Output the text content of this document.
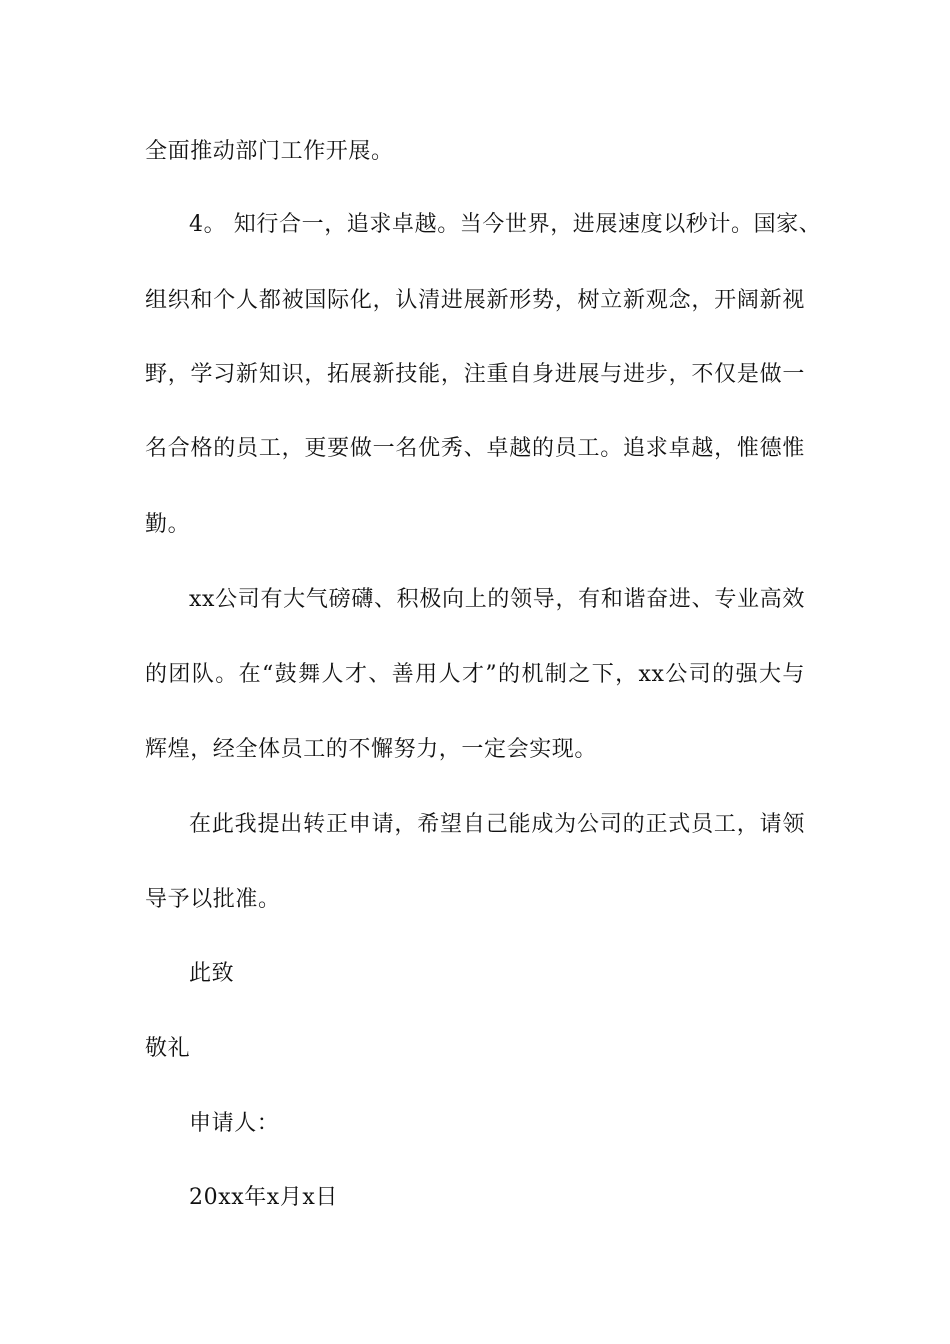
全面推动部门工作开展。
4。 知行合一，追求卓越。当今世界，进展速度以秒计。国家、
组织和个人都被国际化，认清进展新形势，树立新观念，开阔新视
野，学习新知识，拓展新技能，注重自身进展与进步，不仅是做一
名合格的员工，更要做一名优秀、卓越的员工。追求卓越，惟德惟
勤。
xx公司有大气磅礴、积极向上的领导，有和谐奋进、专业高效
的团队。在“鼓舞人才、善用人才”的机制之下，xx公司的强大与
辉煌，经全体员工的不懈努力，一定会实现。
在此我提出转正申请，希望自己能成为公司的正式员工，请领
导予以批准。
此致
敬礼
申请人：
20xx年x月x日
